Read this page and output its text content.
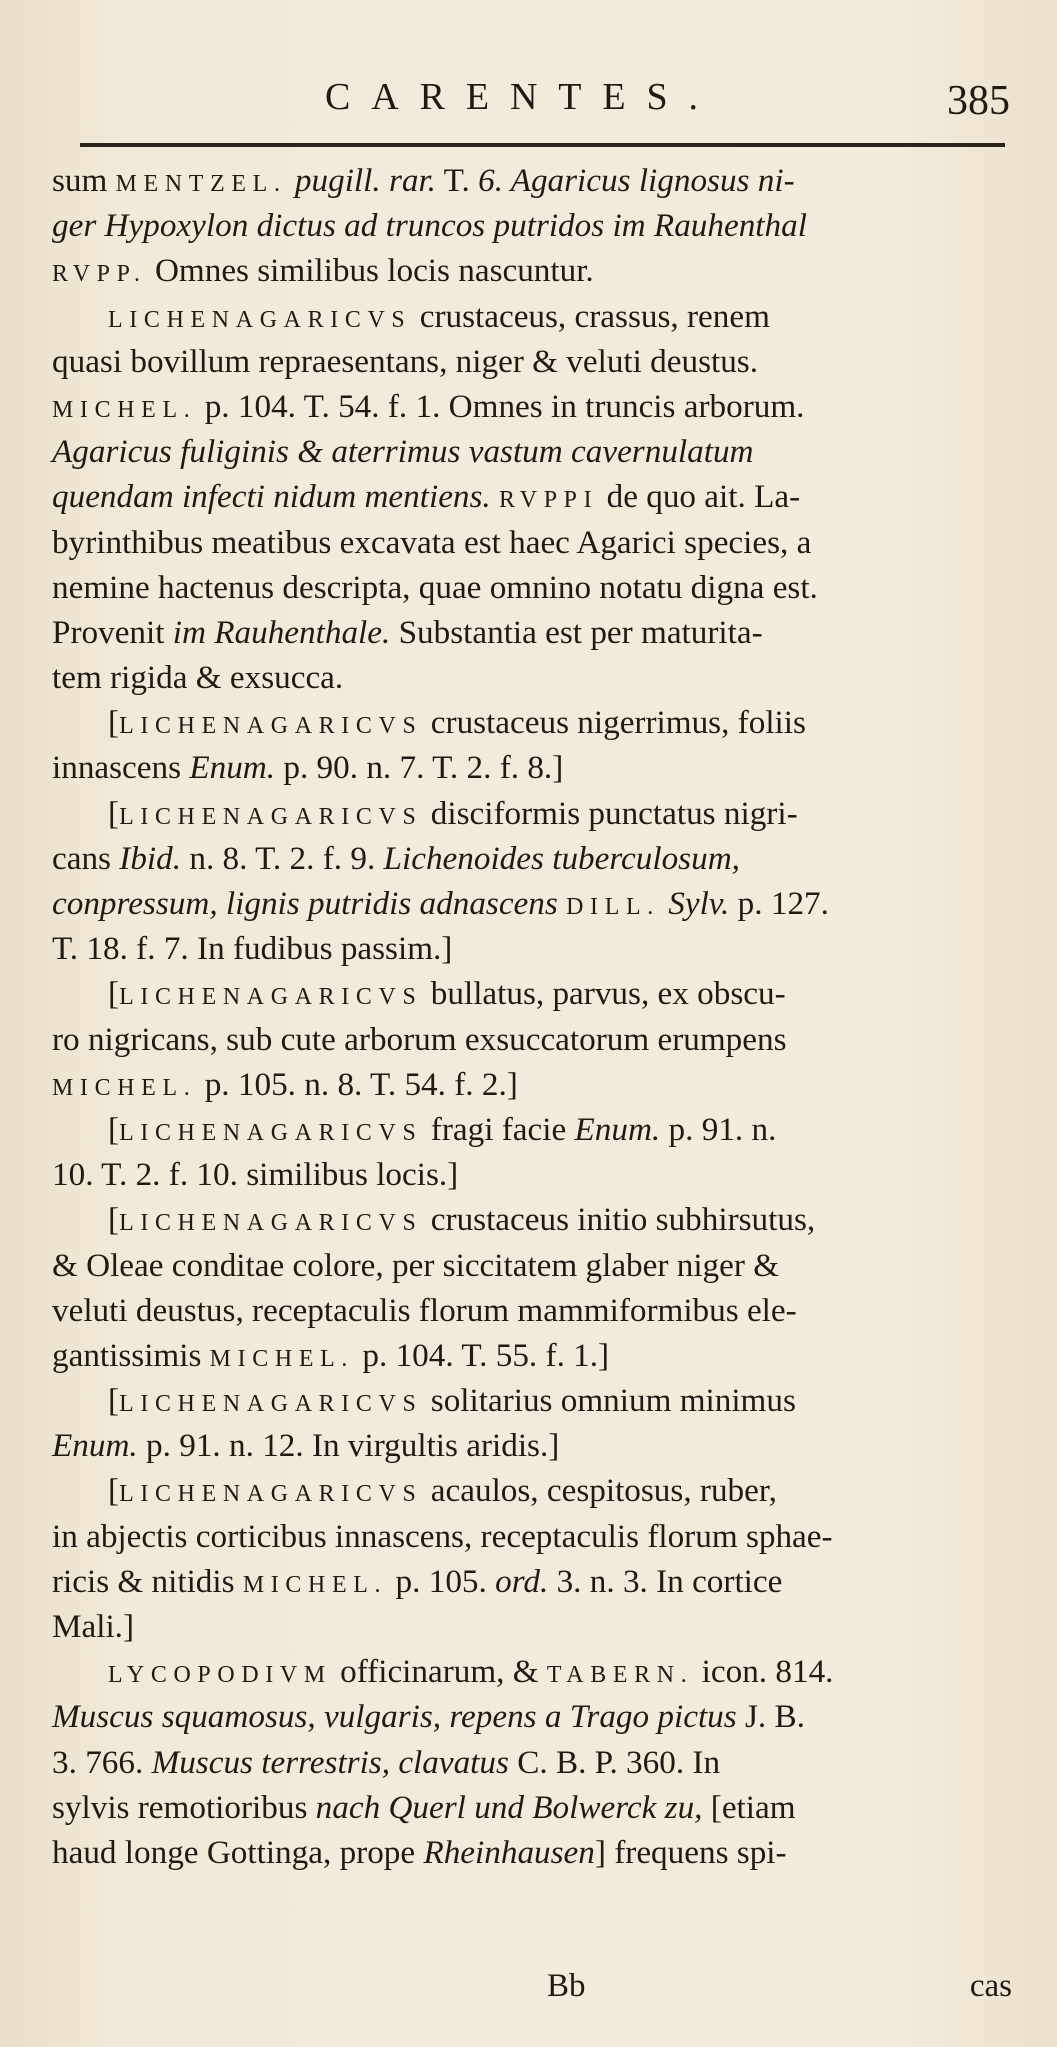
CARENTES.	385
sum MENTZEL. pugill. rar. T. 6. Agaricus lignosus ni-
ger Hypoxylon dictus ad truncos putridos im Rauhenthal
RVPP. Omnes similibus locis nascuntur.
LICHENAGARICVS crustaceus, crassus, renem
quasi bovillum repraesentans, niger & veluti deustus.
MICHEL. p. 104. T. 54. f. 1. Omnes in truncis arborum.
Agaricus fuliginis & aterrimus vastum cavernulatum
quendam infecti nidum mentiens. RVPPI de quo ait. La-
byrinthibus meatibus excavata est haec Agarici species, a
nemine hactenus descripta, quae omnino notatu digna est.
Provenit im Rauhenthale. Substantia est per maturita-
tem rigida & exsucca.
[LICHENAGARICVS crustaceus nigerrimus, foliis
innascens Enum. p. 90. n. 7. T. 2. f. 8.]
[LICHENAGARICVS disciformis punctatus nigri-
cans Ibid. n. 8. T. 2. f. 9. Lichenoides tuberculosum,
conpressum, lignis putridis adnascens DILL. Sylv. p. 127.
T. 18. f. 7. In fudibus passim.]
[LICHENAGARICVS bullatus, parvus, ex obscu-
ro nigricans, sub cute arborum exsuccatorum erumpens
MICHEL. p. 105. n. 8. T. 54. f. 2.]
[LICHENAGARICVS fragi facie Enum. p. 91. n.
10. T. 2. f. 10. similibus locis.]
[LICHENAGARICVS crustaceus initio subhirsutus,
& Oleae conditae colore, per siccitatem glaber niger &
veluti deustus, receptaculis florum mammiformibus ele-
gantissimis MICHEL. p. 104. T. 55. f. 1.]
[LICHENAGARICVS solitarius omnium minimus
Enum. p. 91. n. 12. In virgultis aridis.]
[LICHENAGARICVS acaulos, cespitosus, ruber,
in abjectis corticibus innascens, receptaculis florum sphae-
ricis & nitidis MICHEL. p. 105. ord. 3. n. 3. In cortice
Mali.]
LYCOPODIVM officinarum, & TABERN. icon. 814.
Muscus squamosus, vulgaris, repens a Trago pictus J. B.
3. 766. Muscus terrestris, clavatus C. B. P. 360. In
sylvis remotioribus nach Querl und Bolwerck zu, [etiam
haud longe Gottinga, prope Rheinhausen] frequens spi-
Bb	cas
